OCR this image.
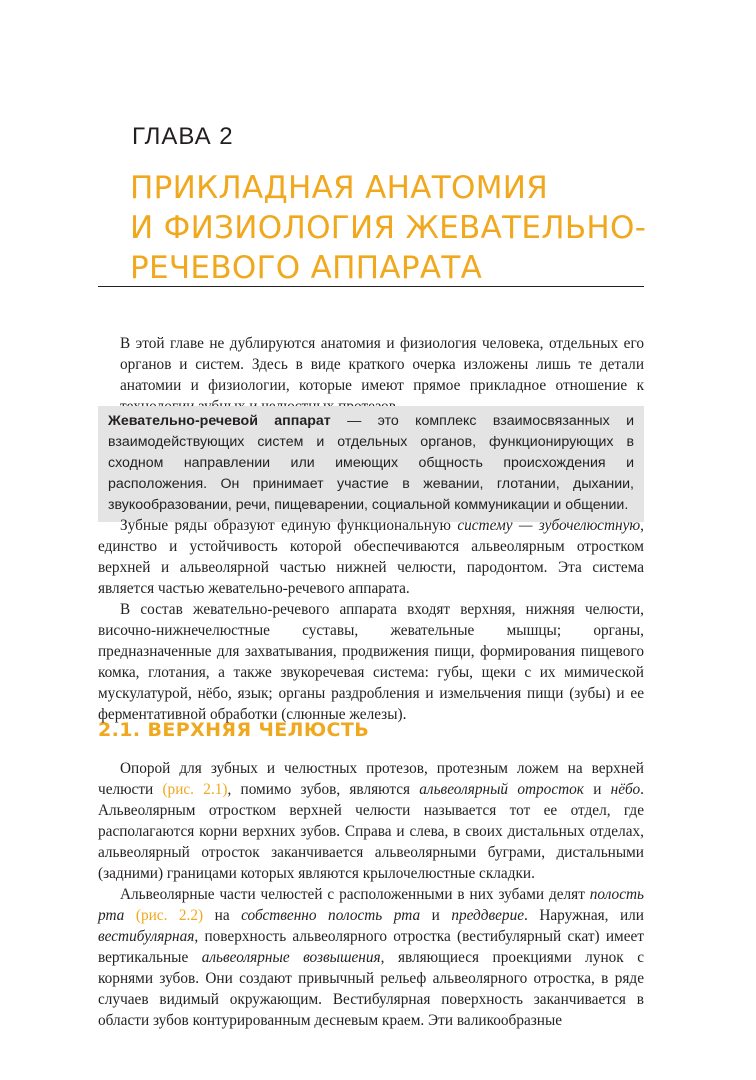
ГЛАВА 2
ПРИКЛАДНАЯ АНАТОМИЯ
И ФИЗИОЛОГИЯ ЖЕВАТЕЛЬНО-
РЕЧЕВОГО АППАРАТА

В этой главе не дублируются анатомия и физиология человека, отдельных его органов и систем. Здесь в виде краткого очерка изложены лишь те детали анатомии и физиологии, которые имеют прямое прикладное отношение к

Жевательно-речевой аппарат — это комплекс взаимосвязанных и взаимодействующих систем и отдельных органов, функционирующих в сходном направлении или имеющих общность происхождения и расположения. Он принимает участие в жевании, глотании, дыхании, звукообразовании, речи, пищеварении, социальной коммуникации и общении.

Зубные ряды образуют единую функциональную систему — зубочелюстную, единство и устойчивость которой обеспечиваются альвеолярным отростком верхней и альвеолярной частью нижней челюсти, пародонтом. Эта система является частью жевательно-речевого аппарата.

В состав жевательно-речевого аппарата входят верхняя, нижняя челюсти, височно-нижнечелюстные суставы, жевательные мышцы; органы, предназначенные для захватывания, продвижения пищи, формирования пищевого комка, глотания, а также звукоречевая система: губы, щеки с их мимической мускулатурой, нёбо, язык; органы раздробления и измельчения пищи (зубы) и ее ферментативной обработки (слюнные железы).

2.1. ВЕРХНЯЯ ЧЕЛЮСТЬ

Опорой для зубных и челюстных протезов, протезным ложем на верхней челюсти (рис. 2.1), помимо зубов, являются альвеолярный отросток и нёбо. Альвеолярным отростком верхней челюсти называется тот ее отдел, где располагаются корни верхних зубов. Справа и слева, в своих дистальных отделах, альвеолярный отросток заканчивается альвеолярными буграми, дистальными (задними) границами которых являются крылочелюстные складки.

Альвеолярные части челюстей с расположенными в них зубами делят полость рта (рис. 2.2) на собственно полость рта и преддверие. Наружная, или вестибулярная, поверхность альвеолярного отростка (вестибулярный скат) имеет вертикальные альвеолярные возвышения, являющиеся проекциями лунок с корнями зубов. Они создают привычный рельеф альвеолярного отростка, в ряде случаев видимый окружающим. Вестибулярная поверхность заканчивается в области зубов контурированным десневым краем. Эти валикообразные
